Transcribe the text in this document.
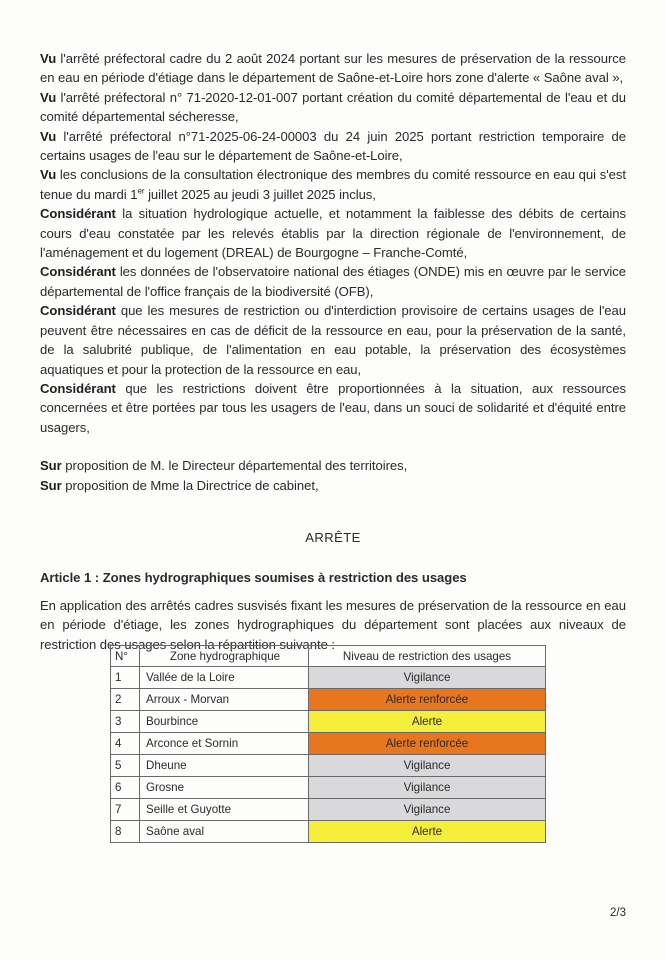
Vu l'arrêté préfectoral cadre du 2 août 2024 portant sur les mesures de préservation de la ressource en eau en période d'étiage dans le département de Saône-et-Loire hors zone d'alerte « Saône aval »,

Vu l'arrêté préfectoral n° 71-2020-12-01-007 portant création du comité départemental de l'eau et du comité départemental sécheresse,

Vu l'arrêté préfectoral n°71-2025-06-24-00003 du 24 juin 2025 portant restriction temporaire de certains usages de l'eau sur le département de Saône-et-Loire,

Vu les conclusions de la consultation électronique des membres du comité ressource en eau qui s'est tenue du mardi 1er juillet 2025 au jeudi 3 juillet 2025 inclus,

Considérant la situation hydrologique actuelle, et notamment la faiblesse des débits de certains cours d'eau constatée par les relevés établis par la direction régionale de l'environnement, de l'aménagement et du logement (DREAL) de Bourgogne – Franche-Comté,

Considérant les données de l'observatoire national des étiages (ONDE) mis en œuvre par le service départemental de l'office français de la biodiversité (OFB),

Considérant que les mesures de restriction ou d'interdiction provisoire de certains usages de l'eau peuvent être nécessaires en cas de déficit de la ressource en eau, pour la préservation de la santé, de la salubrité publique, de l'alimentation en eau potable, la préservation des écosystèmes aquatiques et pour la protection de la ressource en eau,

Considérant que les restrictions doivent être proportionnées à la situation, aux ressources concernées et être portées par tous les usagers de l'eau, dans un souci de solidarité et d'équité entre usagers,

Sur proposition de M. le Directeur départemental des territoires,

Sur proposition de Mme la Directrice de cabinet,

ARRÊTE
Article 1 : Zones hydrographiques soumises à restriction des usages

En application des arrêtés cadres susvisés fixant les mesures de préservation de la ressource en eau en période d'étiage, les zones hydrographiques du département sont placées aux niveaux de restriction des usages selon la répartition suivante :

N°	Zone hydrographique	Niveau de restriction des usages
1	Vallée de la Loire	Vigilance
2	Arroux - Morvan	Alerte renforcée
3	Bourbince	Alerte
4	Arconce et Sornin	Alerte renforcée
5	Dheune	Vigilance
6	Grosne	Vigilance
7	Seille et Guyotte	Vigilance
8	Saône aval	Alerte
2/3
